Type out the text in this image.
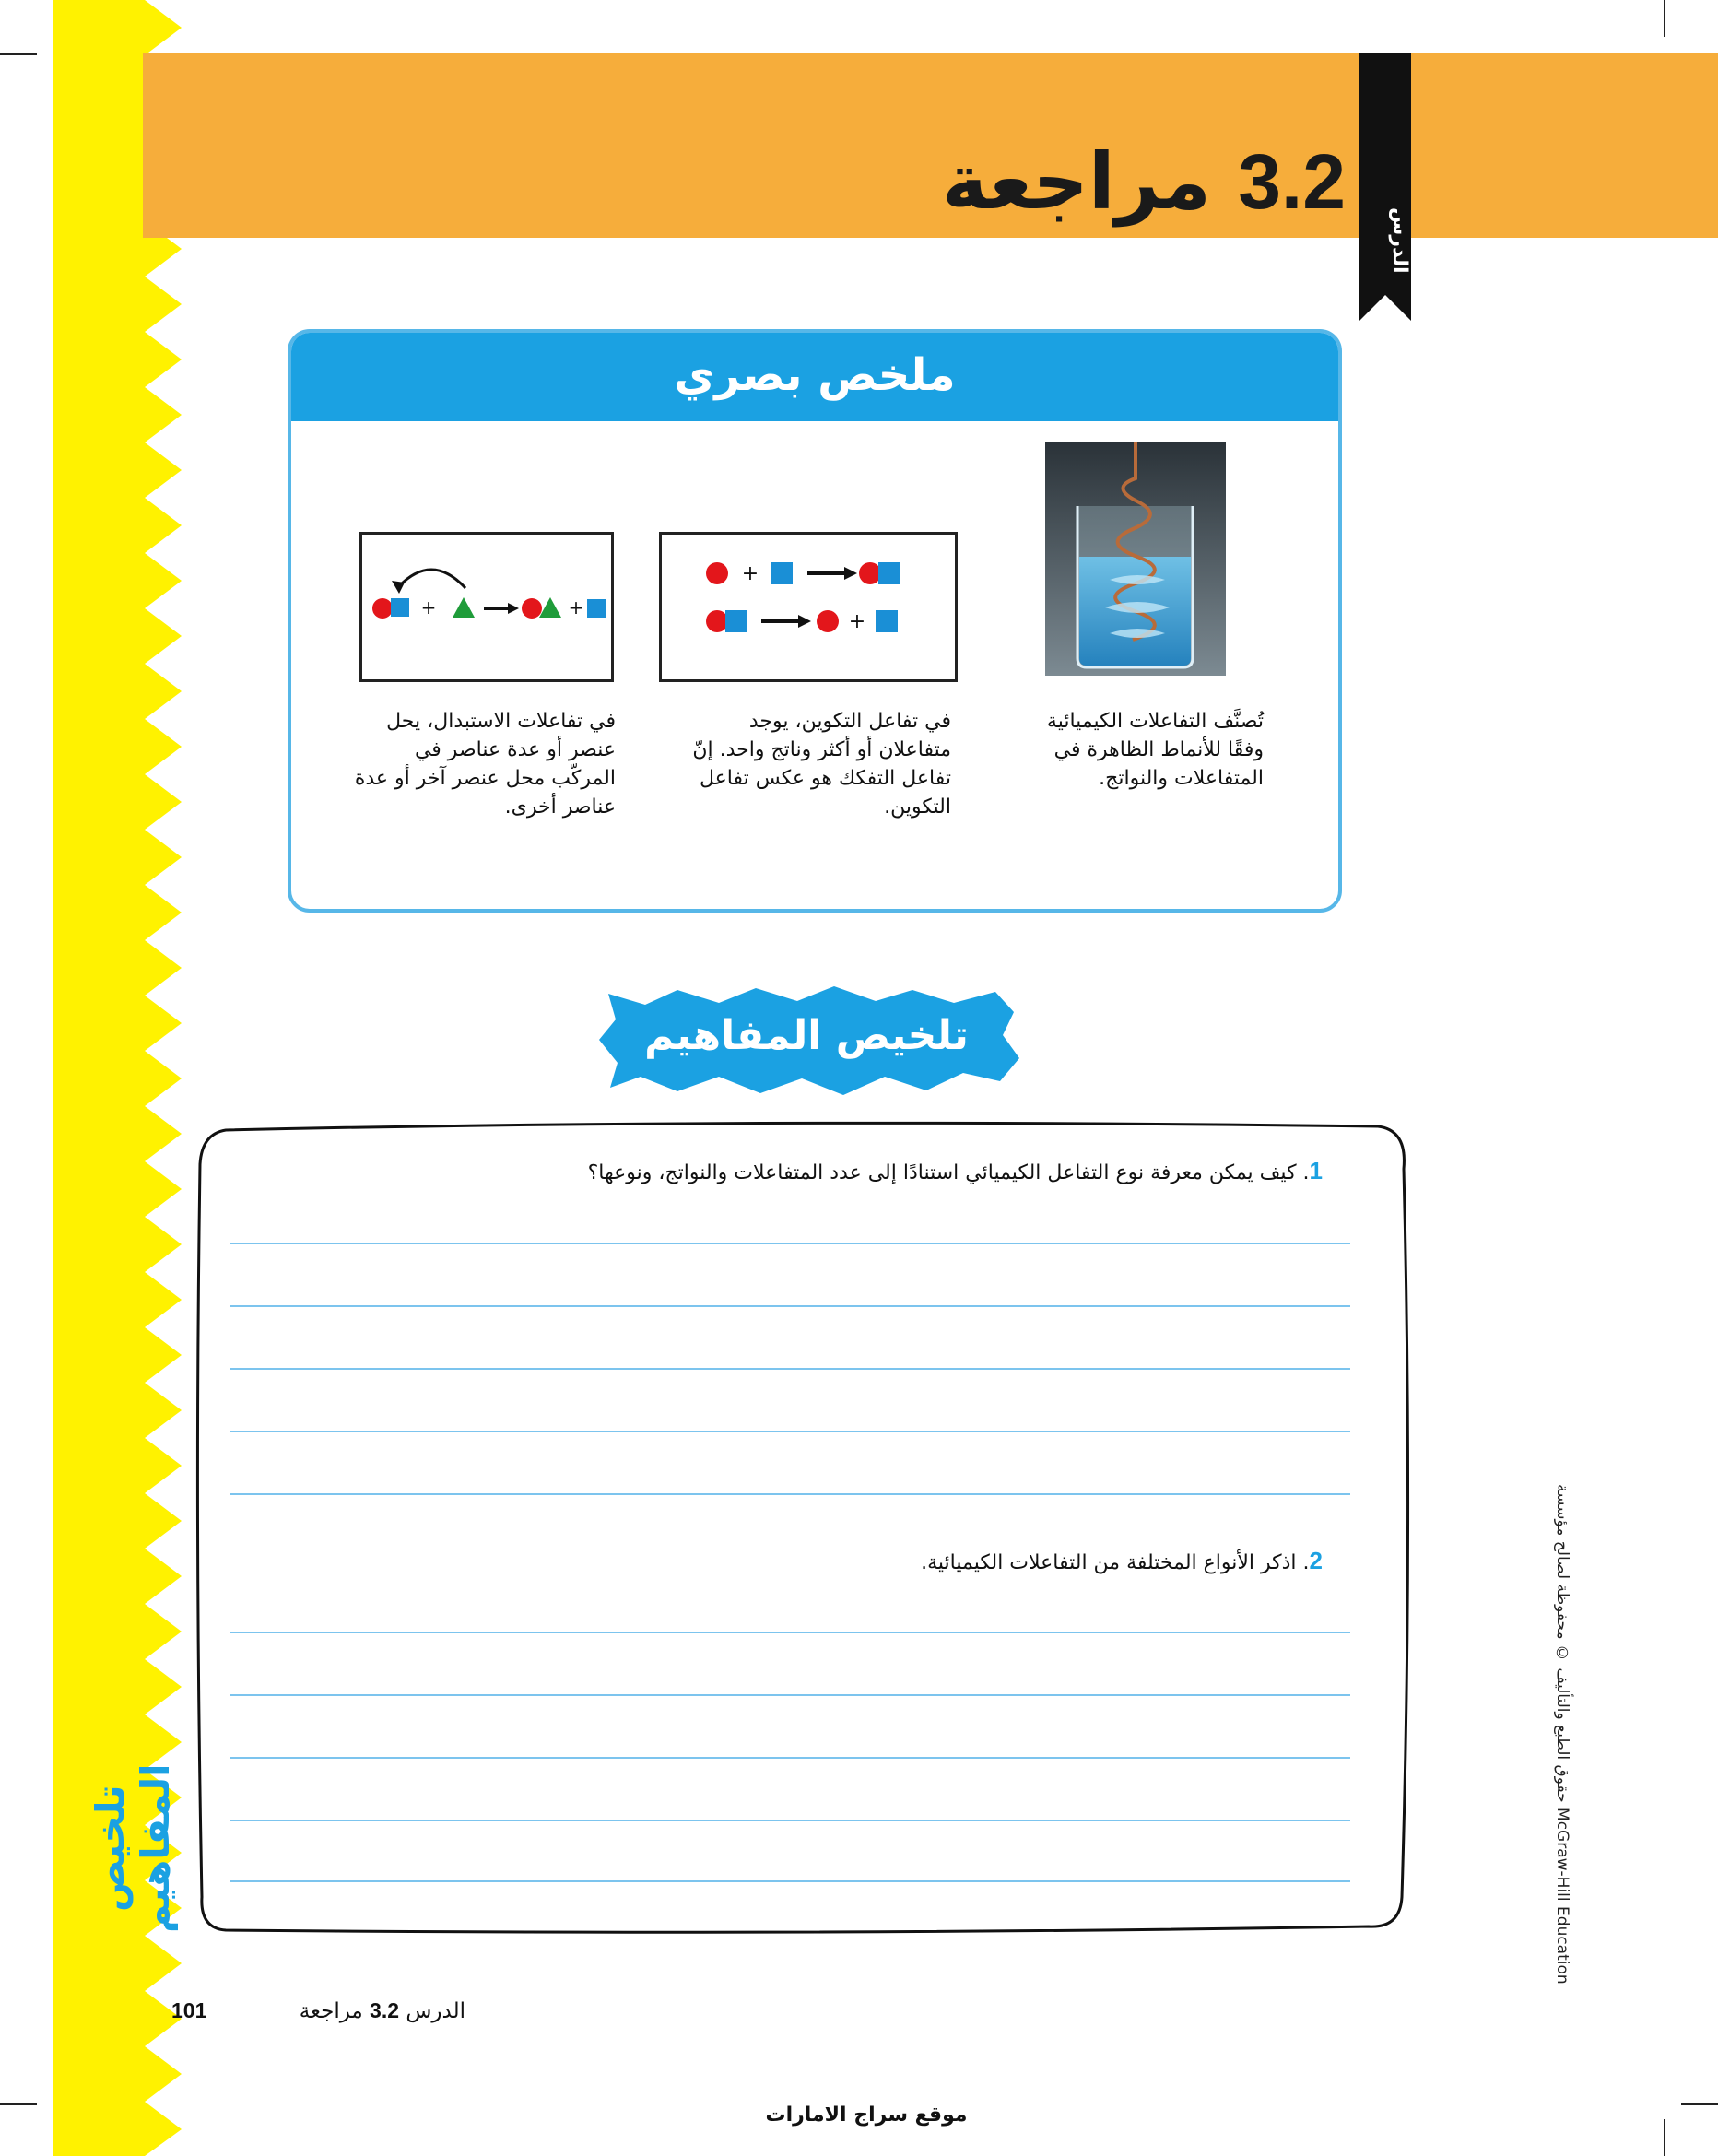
الدرس
3.2 مراجعة
ملخص بصري
+
+
+	+
تُصنَّف التفاعلات الكيميائية وفقًا للأنماط الظاهرة في المتفاعلات والنواتج.
في تفاعل التكوين، يوجد متفاعلان أو أكثر وناتج واحد. إنّ تفاعل التفكك هو عكس تفاعل التكوين.
في تفاعلات الاستبدال، يحل عنصر أو عدة عناصر في المركّب محل عنصر آخر أو عدة عناصر أخرى.
تلخيص المفاهيم
1. كيف يمكن معرفة نوع التفاعل الكيميائي استنادًا إلى عدد المتفاعلات والنواتج، ونوعها؟
2. اذكر الأنواع المختلفة من التفاعلات الكيميائية.
تلخيص المفاهيم
حقوق الطبع والتأليف © محفوظة لصالح مؤسسة McGraw-Hill Education
101	الدرس 3.2 مراجعة
موقع سراج الامارات
